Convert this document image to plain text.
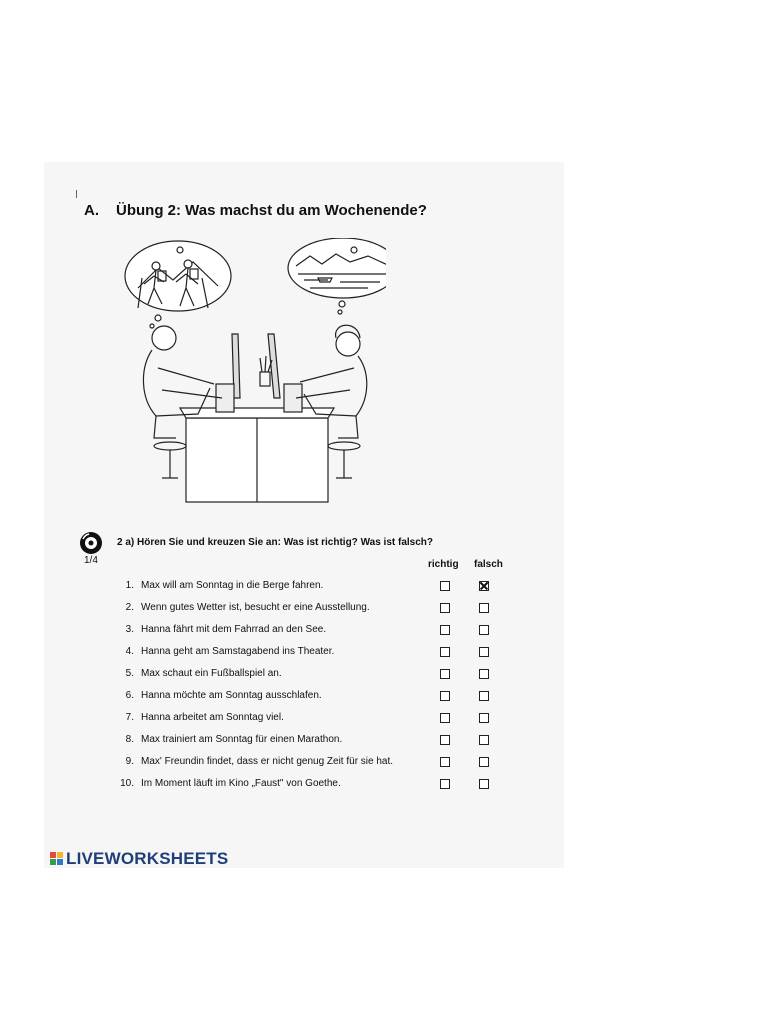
A. Übung 2: Was machst du am Wochenende?
1/4
2 a) Hören Sie und kreuzen Sie an: Was ist richtig? Was ist falsch?
richtig falsch
1. Max will am Sonntag in die Berge fahren.
2. Wenn gutes Wetter ist, besucht er eine Ausstellung.
3. Hanna fährt mit dem Fahrrad an den See.
4. Hanna geht am Samstagabend ins Theater.
5. Max schaut ein Fußballspiel an.
6. Hanna möchte am Sonntag ausschlafen.
7. Hanna arbeitet am Sonntag viel.
8. Max trainiert am Sonntag für einen Marathon.
9. Max' Freundin findet, dass er nicht genug Zeit für sie hat.
10. Im Moment läuft im Kino „Faust" von Goethe.
LIVEWORKSHEETS
